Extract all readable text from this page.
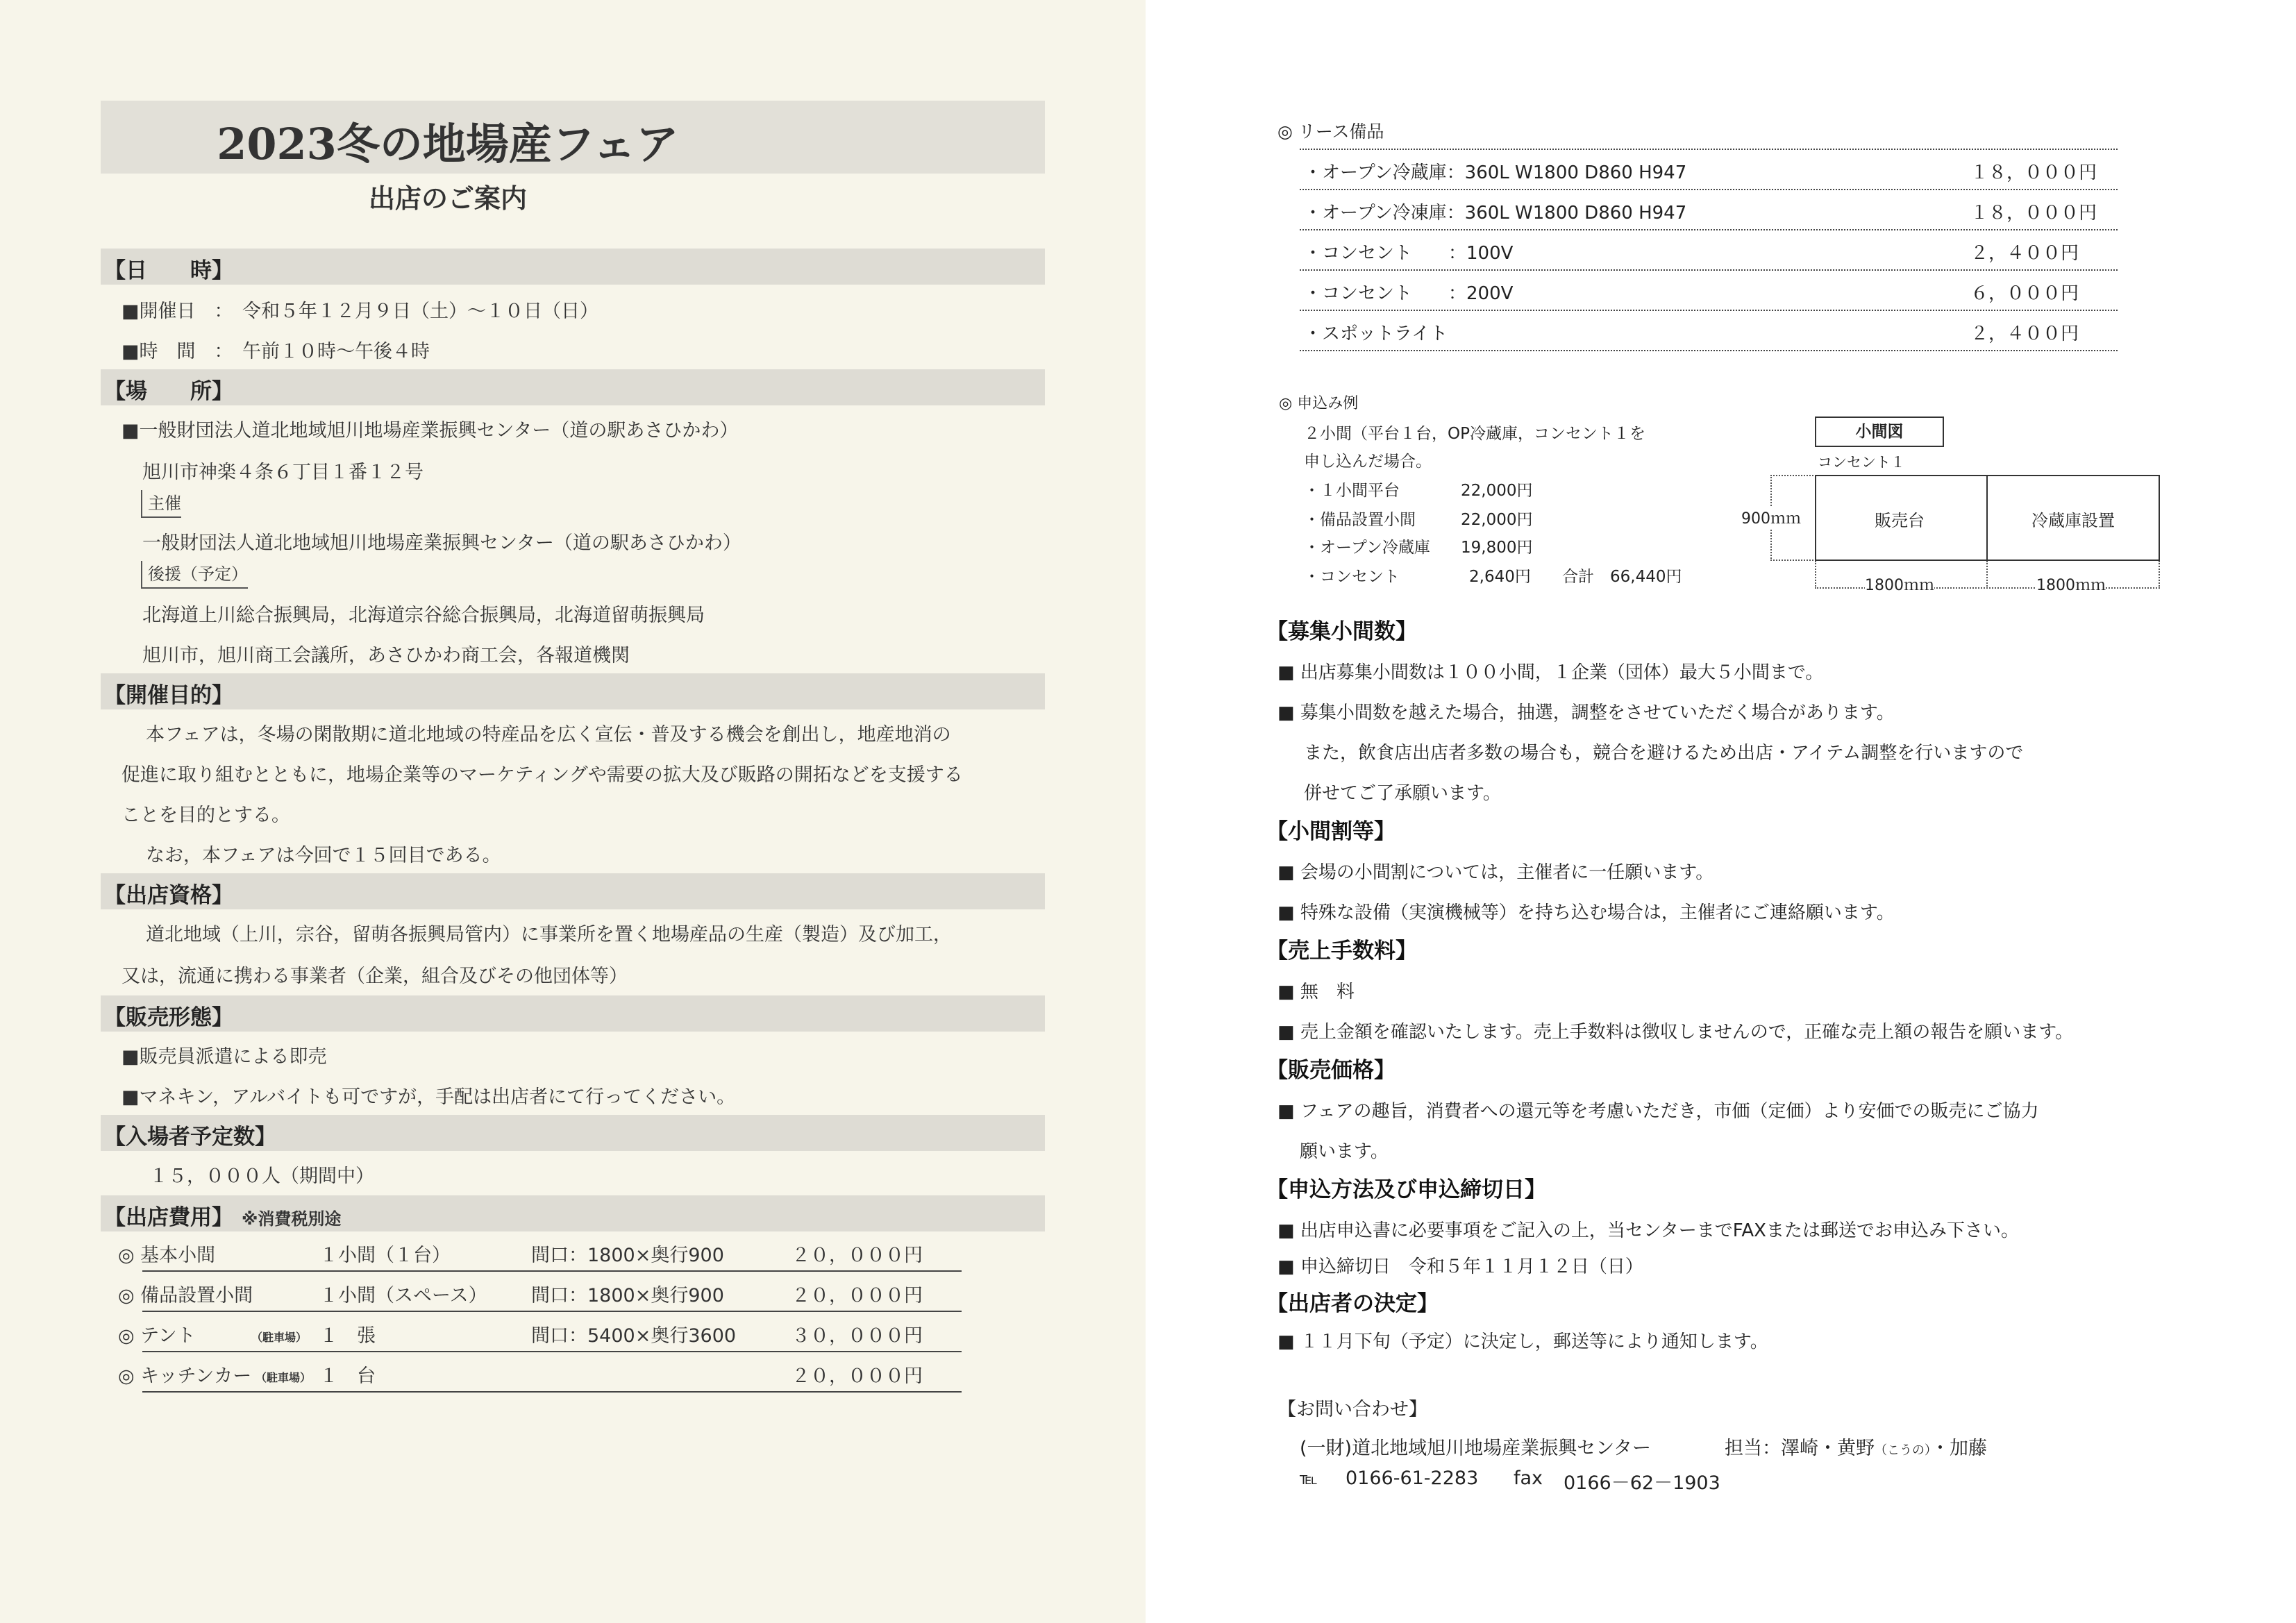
2023冬の地場産フェア
出店のご案内
【日　　時】
■開催日　：　令和５年１２月９日（土）〜１０日（日）
■時　間　：　午前１０時〜午後４時
【場　　所】
■一般財団法人道北地域旭川地場産業振興センター（道の駅あさひかわ）
旭川市神楽４条６丁目１番１２号
主催
一般財団法人道北地域旭川地場産業振興センター（道の駅あさひかわ）
後援（予定）
北海道上川総合振興局，北海道宗谷総合振興局，北海道留萌振興局
旭川市，旭川商工会議所，あさひかわ商工会，各報道機関
【開催目的】
本フェアは，冬場の閑散期に道北地域の特産品を広く宣伝・普及する機会を創出し，地産地消の
促進に取り組むとともに，地場企業等のマーケティングや需要の拡大及び販路の開拓などを支援する
ことを目的とする。
なお，本フェアは今回で１５回目である。
【出店資格】
道北地域（上川，宗谷，留萌各振興局管内）に事業所を置く地場産品の生産（製造）及び加工，
又は，流通に携わる事業者（企業，組合及びその他団体等）
【販売形態】
■販売員派遣による即売
■マネキン，アルバイトも可ですが，手配は出店者にて行ってください。
【入場者予定数】
１５，０００人（期間中）
【出店費用】 ※消費税別途
◎ 基本小間	１小間（１台）	間口：1800×奥行900	２０，０００円
◎ 備品設置小間	１小間（スペース） 間口：1800×奥行900	２０，０００円
◎ テント	（駐車場） １　張	間口：5400×奥行3600	３０，０００円
◎ キッチンカー （駐車場） １　台	２０，０００円
◎ リース備品
・オープン冷蔵庫：360L W1800 D860 H947	１８，０００円
・オープン冷凍庫：360L W1800 D860 H947	１８，０００円
・コンセント　　：100V	２，４００円
・コンセント　　：200V	６，０００円
・スポットライト	２，４００円
◎ 申込み例
２小間（平台１台，OP冷蔵庫，コンセント１を
申し込んだ場合。
・１小間平台	22,000円
・備品設置小間	22,000円
・オープン冷蔵庫 19,800円
・コンセント	2,640円 合計　66,440円
小間図
コンセント１
900ｍｍ	販売台	冷蔵庫設置
1800ｍｍ	1800ｍｍ
【募集小間数】
■ 出店募集小間数は１００小間，１企業（団体）最大５小間まで。
■ 募集小間数を越えた場合，抽選，調整をさせていただく場合があります。
また，飲食店出店者多数の場合も，競合を避けるため出店・アイテム調整を行いますので
併せてご了承願います。
【小間割等】
■ 会場の小間割については，主催者に一任願います。
■ 特殊な設備（実演機械等）を持ち込む場合は，主催者にご連絡願います。
【売上手数料】
■ 無　料
■ 売上金額を確認いたします。売上手数料は徴収しませんので，正確な売上額の報告を願います。
【販売価格】
■ フェアの趣旨，消費者への還元等を考慮いただき，市価（定価）より安価での販売にご協力
願います。
【申込方法及び申込締切日】
■ 出店申込書に必要事項をご記入の上，当センターまでFAXまたは郵送でお申込み下さい。
■ 申込締切日　令和５年１１月１２日（日）
【出店者の決定】
■ １１月下旬（予定）に決定し，郵送等により通知します。
【お問い合わせ】
(一財)道北地域旭川地場産業振興センター	担当：澤崎・黄野（こうの）・加藤
℡ 0166-61-2283 fax 0166－62－1903
